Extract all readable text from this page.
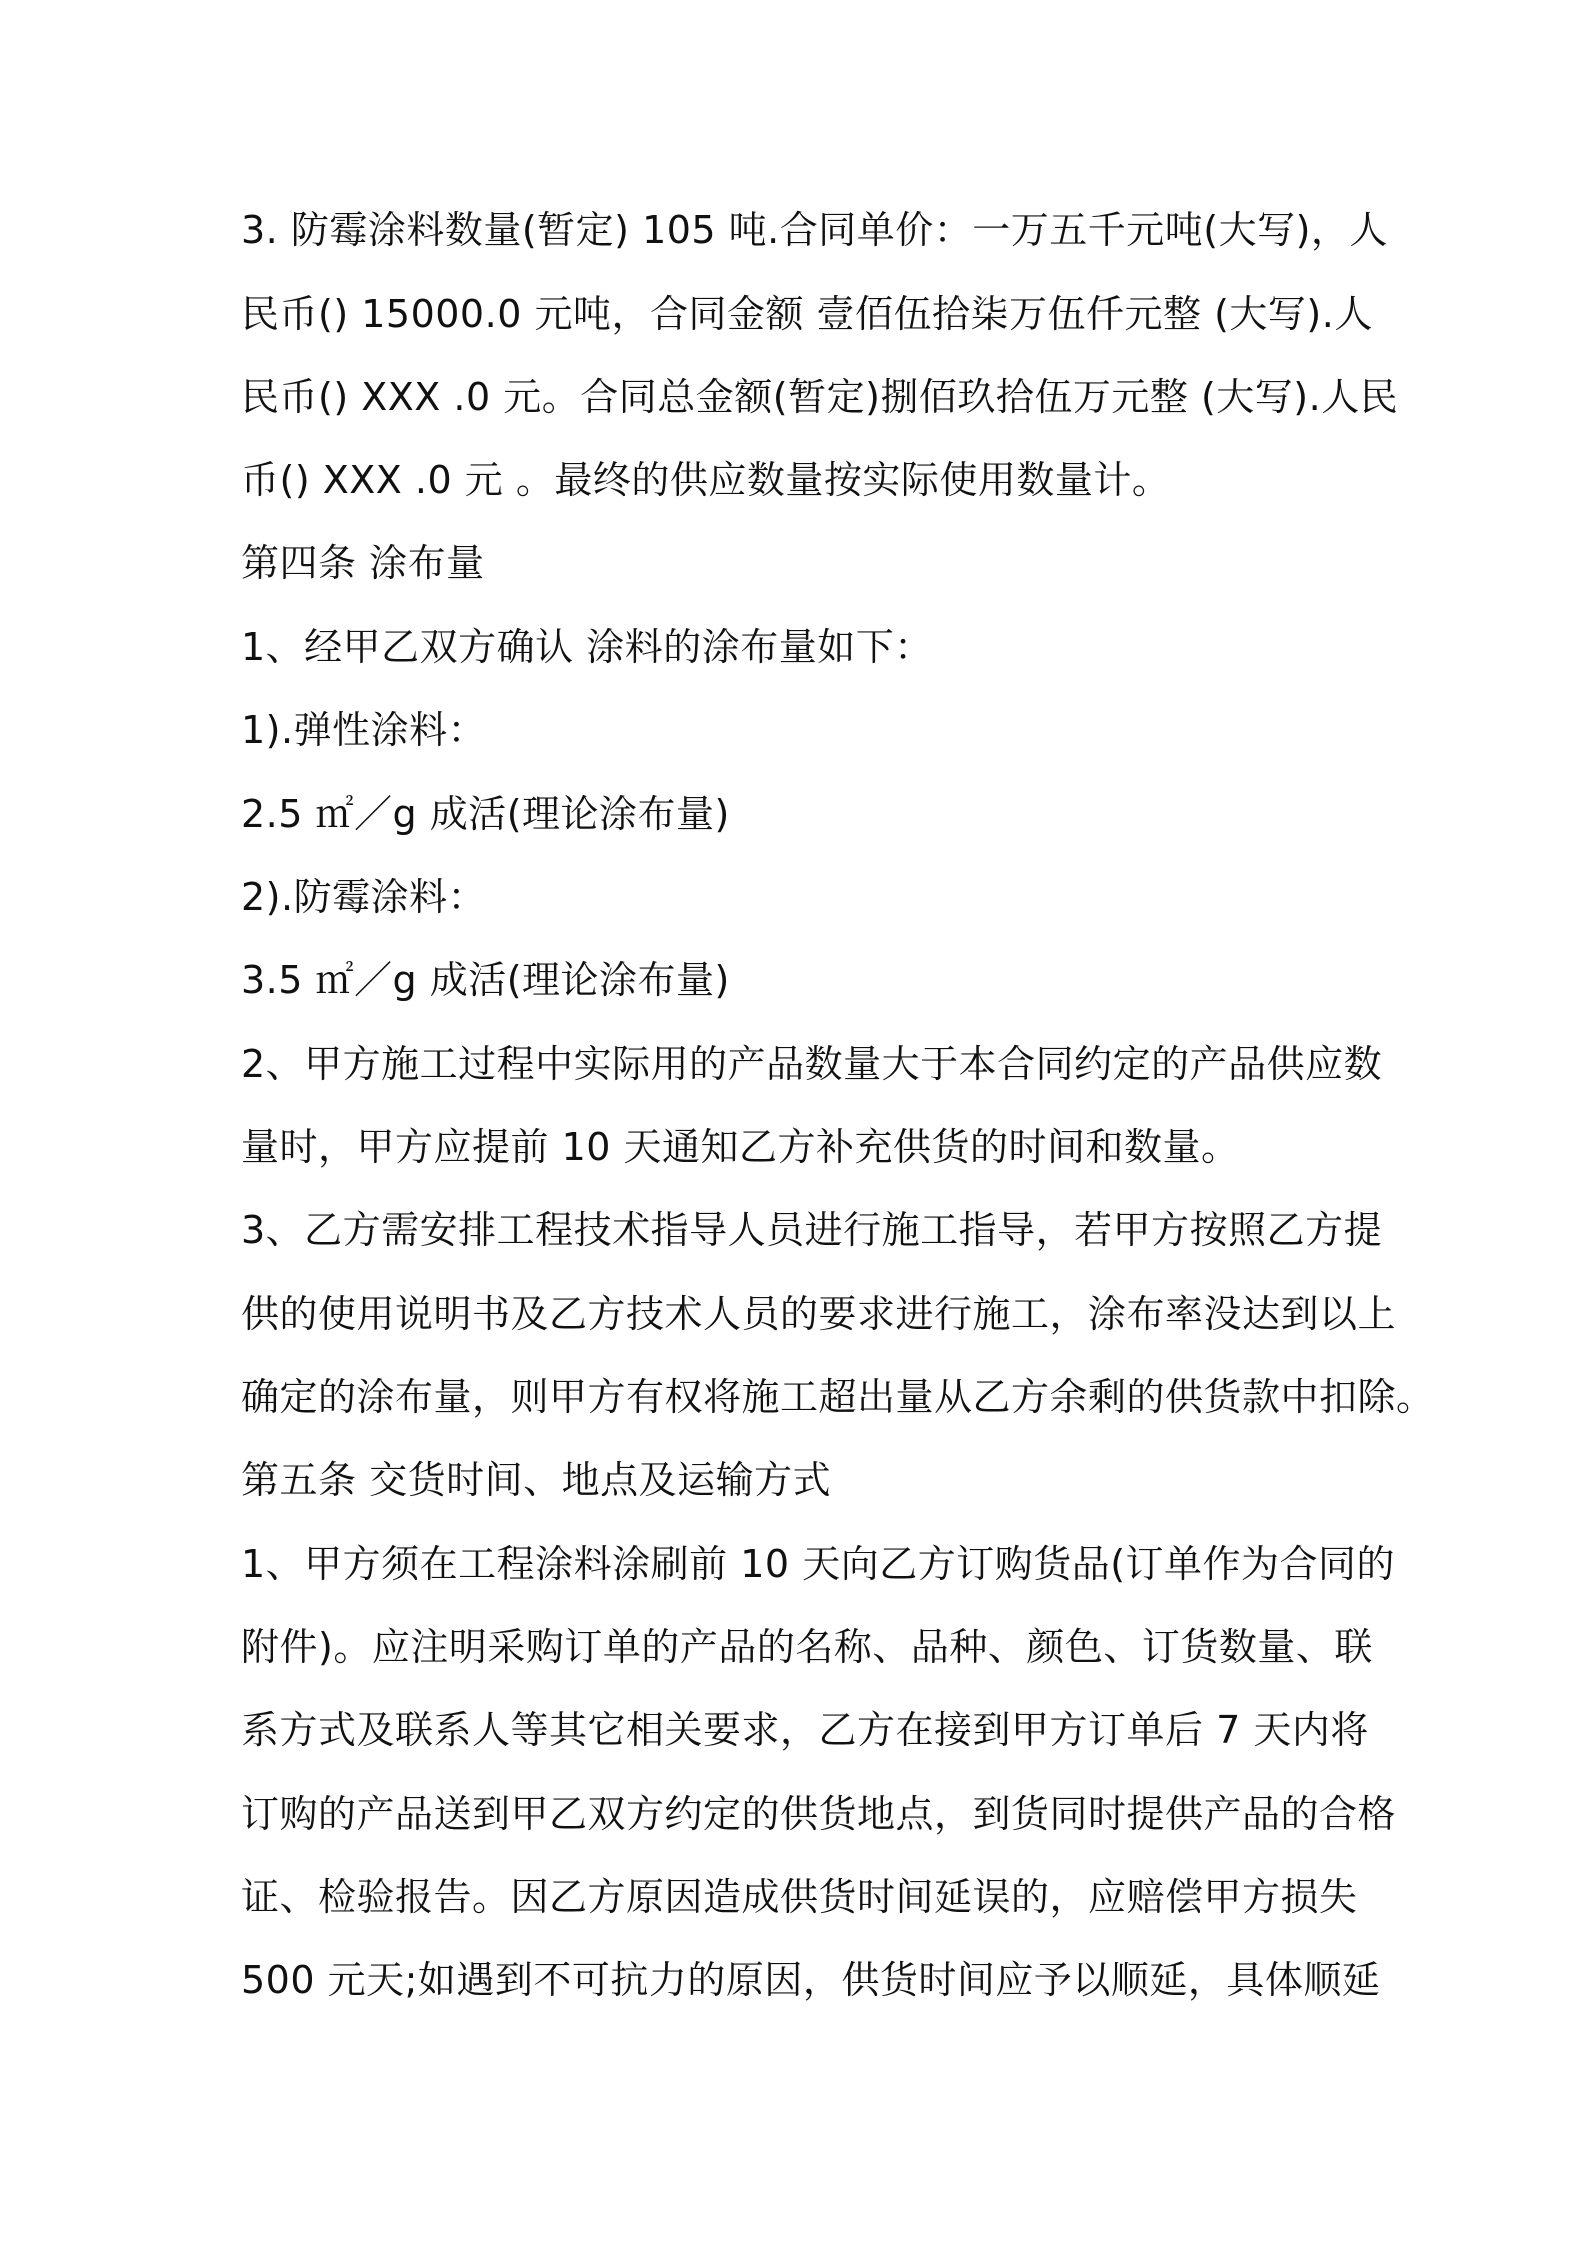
3. 防霉涂料数量(暂定) 105 吨.合同单价：一万五千元吨(大写)，人
民币() 15000.0 元吨，合同金额 壹佰伍拾柒万伍仟元整 (大写).人
民币() XXX .0 元。合同总金额(暂定)捌佰玖拾伍万元整 (大写).人民
币() XXX .0 元 。最终的供应数量按实际使用数量计。
第四条 涂布量
1、经甲乙双方确认 涂料的涂布量如下：
1).弹性涂料：
2.5 ㎡／g 成活(理论涂布量)
2).防霉涂料：
3.5 ㎡／g 成活(理论涂布量)
2、甲方施工过程中实际用的产品数量大于本合同约定的产品供应数
量时，甲方应提前 10 天通知乙方补充供货的时间和数量。
3、乙方需安排工程技术指导人员进行施工指导，若甲方按照乙方提
供的使用说明书及乙方技术人员的要求进行施工，涂布率没达到以上
确定的涂布量，则甲方有权将施工超出量从乙方余剩的供货款中扣除。
第五条 交货时间、地点及运输方式
1、甲方须在工程涂料涂刷前 10 天向乙方订购货品(订单作为合同的
附件)。应注明采购订单的产品的名称、品种、颜色、订货数量、联
系方式及联系人等其它相关要求，乙方在接到甲方订单后 7 天内将
订购的产品送到甲乙双方约定的供货地点，到货同时提供产品的合格
证、检验报告。因乙方原因造成供货时间延误的，应赔偿甲方损失
500 元天;如遇到不可抗力的原因，供货时间应予以顺延，具体顺延
